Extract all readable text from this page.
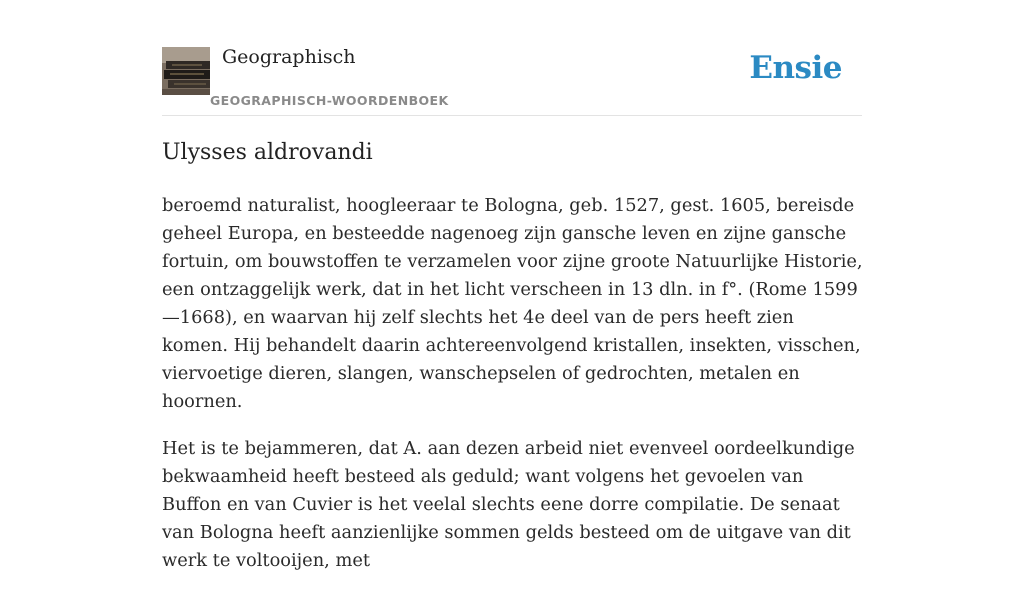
Geographisch
GEOGRAPHISCH-WOORDENBOEK
Ensie
Ulysses aldrovandi

beroemd naturalist, hoogleeraar te Bologna, geb. 1527, gest. 1605, bereisde geheel Europa, en besteedde nagenoeg zijn gansche leven en zijne gansche fortuin, om bouwstoffen te verzamelen voor zijne groote Natuurlijke Historie, een ontzaggelijk werk, dat in het licht verscheen in 13 dln. in f°. (Rome 1599—1668), en waarvan hij zelf slechts het 4e deel van de pers heeft zien komen. Hij behandelt daarin achtereenvolgend kristallen, insekten, visschen, viervoetige dieren, slangen, wanschepselen of gedrochten, metalen en hoornen.

Het is te bejammeren, dat A. aan dezen arbeid niet evenveel oordeelkundige bekwaamheid heeft besteed als geduld; want volgens het gevoelen van Buffon en van Cuvier is het veelal slechts eene dorre compilatie. De senaat van Bologna heeft aanzienlijke sommen gelds besteed om de uitgave van dit werk te voltooijen, met
